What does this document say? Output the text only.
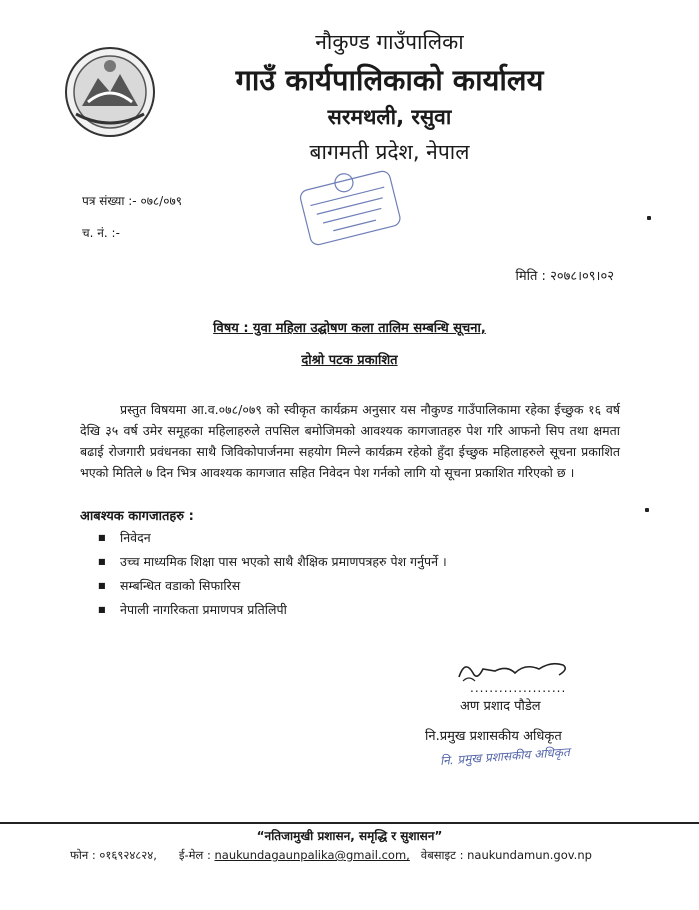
नौकुण्ड गाउँपालिका
गाउँ कार्यपालिकाको कार्यालय
सरमथली, रसुवा
बागमती प्रदेश, नेपाल
पत्र संख्या :- ०७८/०७९
च. नं. :-
मिति : २०७८।०९।०२
विषय : युवा महिला उद्घोषण कला तालिम सम्बन्धि सूचना,
दोश्रो पटक प्रकाशित
प्रस्तुत विषयमा आ.व.०७८/०७९ को स्वीकृत कार्यक्रम अनुसार यस नौकुण्ड गाउँपालिकामा रहेका ईच्छुक १६ वर्ष देखि ३५ वर्ष उमेर समूहका महिलाहरुले तपसिल बमोजिमको आवश्यक कागजातहरु पेश गरि आफनो सिप तथा क्षमता बढाई रोजगारी प्रवंधनका साथै जिविकोपार्जनमा सहयोग मिल्ने कार्यक्रम रहेको हुँदा ईच्छुक महिलाहरुले सूचना प्रकाशित भएको मितिले ७ दिन भित्र आवश्यक कागजात सहित निवेदन पेश गर्नको लागि यो सूचना प्रकाशित गरिएको छ ।
आबश्यक कागजातहरु :
■ निवेदन
■ उच्च माध्यमिक शिक्षा पास भएको साथै शैक्षिक प्रमाणपत्रहरु पेश गर्नुपर्ने ।
■ सम्बन्धित वडाको सिफारिस
■ नेपाली नागरिकता प्रमाणपत्र प्रतिलिपी
....................
अण प्रशाद पौडेल
नि.प्रमुख प्रशासकीय अधिकृत
नि. प्रमुख प्रशासकीय अधिकृत
“नतिजामुखी प्रशासन, समृद्धि र सुशासन”
फोन : ०१६९२४८२४, ई-मेल : naukundagaunpalika@gmail.com, वेबसाइट : naukundamun.gov.np
